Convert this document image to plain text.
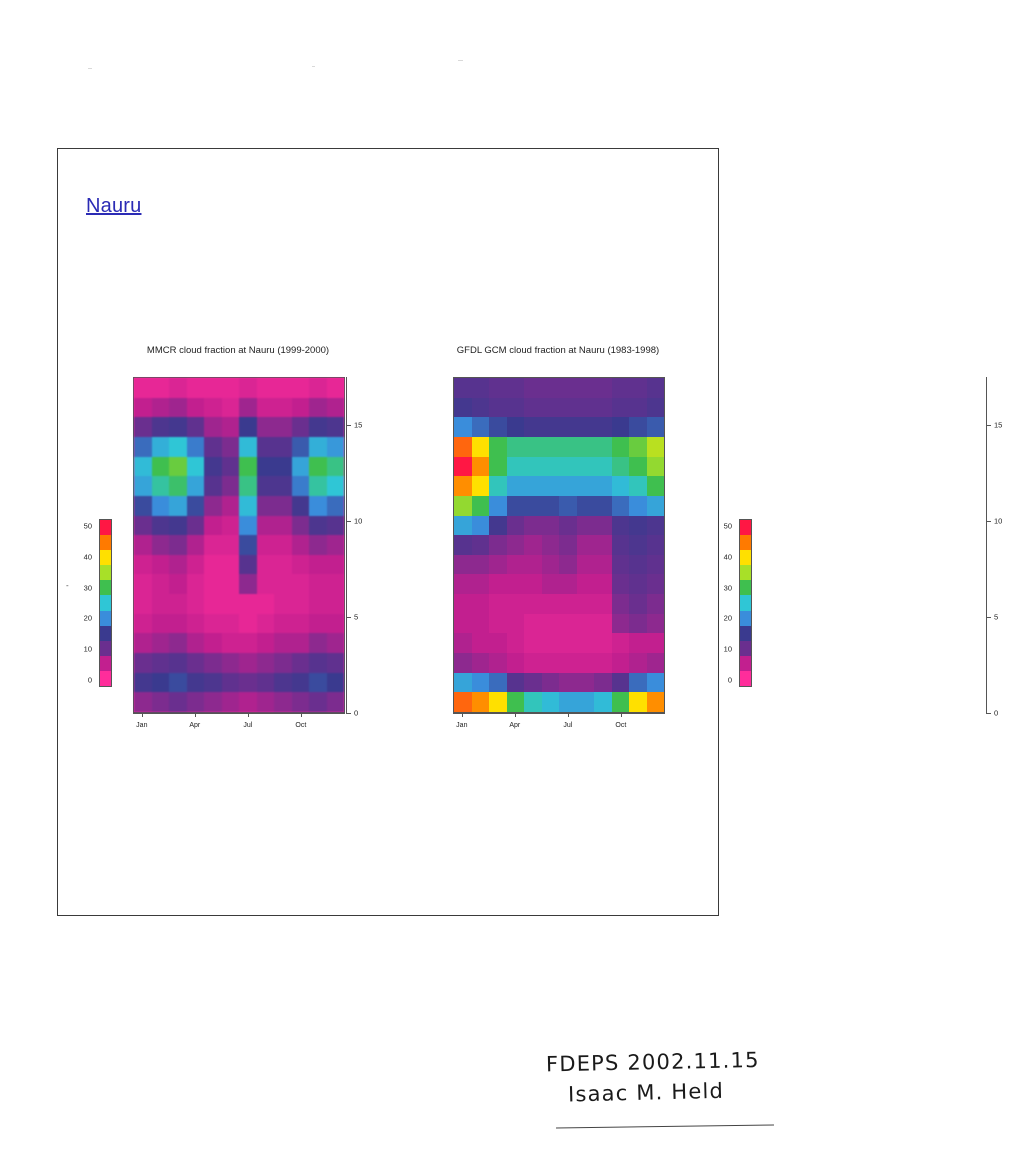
Nauru
MMCR cloud fraction at Nauru (1999-2000)
0
5
10
15
Jan	Apr	Jul	Oct
50
40
30
20
10
0
-
GFDL GCM cloud fraction at Nauru (1983-1998)
0
5
10
15
Jan	Apr	Jul	Oct
50
40
30
20
10
0
FDEPS 2002.11.15
Isaac M. Held
